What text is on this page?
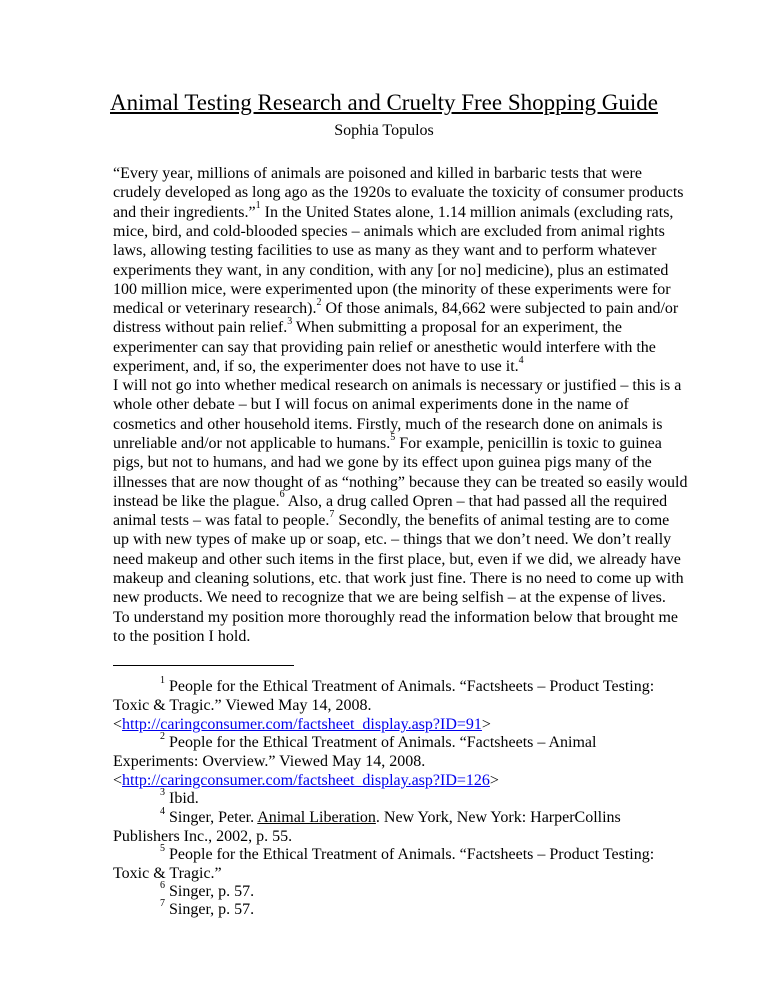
Animal Testing Research and Cruelty Free Shopping Guide
Sophia Topulos
“Every year, millions of animals are poisoned and killed in barbaric tests that were
crudely developed as long ago as the 1920s to evaluate the toxicity of consumer products
and their ingredients.”$^1$ In the United States alone, 1.14 million animals (excluding rats,
mice, bird, and cold-blooded species – animals which are excluded from animal rights
laws, allowing testing facilities to use as many as they want and to perform whatever
experiments they want, in any condition, with any [or no] medicine), plus an estimated
100 million mice, were experimented upon (the minority of these experiments were for
medical or veterinary research).$^2$ Of those animals, 84,662 were subjected to pain and/or
distress without pain relief.$^3$ When submitting a proposal for an experiment, the
experimenter can say that providing pain relief or anesthetic would interfere with the
experiment, and, if so, the experimenter does not have to use it.$^4$
I will not go into whether medical research on animals is necessary or justified – this is a
whole other debate – but I will focus on animal experiments done in the name of
cosmetics and other household items. Firstly, much of the research done on animals is
unreliable and/or not applicable to humans.$^5$ For example, penicillin is toxic to guinea
pigs, but not to humans, and had we gone by its effect upon guinea pigs many of the
illnesses that are now thought of as “nothing” because they can be treated so easily would
instead be like the plague.$^6$ Also, a drug called Opren – that had passed all the required
animal tests – was fatal to people.$^7$ Secondly, the benefits of animal testing are to come
up with new types of make up or soap, etc. – things that we don’t need. We don’t really
need makeup and other such items in the first place, but, even if we did, we already have
makeup and cleaning solutions, etc. that work just fine. There is no need to come up with
new products. We need to recognize that we are being selfish – at the expense of lives.
To understand my position more thoroughly read the information below that brought me
to the position I hold.
$^1$ People for the Ethical Treatment of Animals. “Factsheets – Product Testing:
Toxic & Tragic.” Viewed May 14, 2008.
<http://caringconsumer.com/factsheet_display.asp?ID=91>
$^2$ People for the Ethical Treatment of Animals. “Factsheets – Animal
Experiments: Overview.” Viewed May 14, 2008.
<http://caringconsumer.com/factsheet_display.asp?ID=126>
$^3$ Ibid.
$^4$ Singer, Peter. Animal Liberation. New York, New York: HarperCollins
Publishers Inc., 2002, p. 55.
$^5$ People for the Ethical Treatment of Animals. “Factsheets – Product Testing:
Toxic & Tragic.”
$^6$ Singer, p. 57.
$^7$ Singer, p. 57.
